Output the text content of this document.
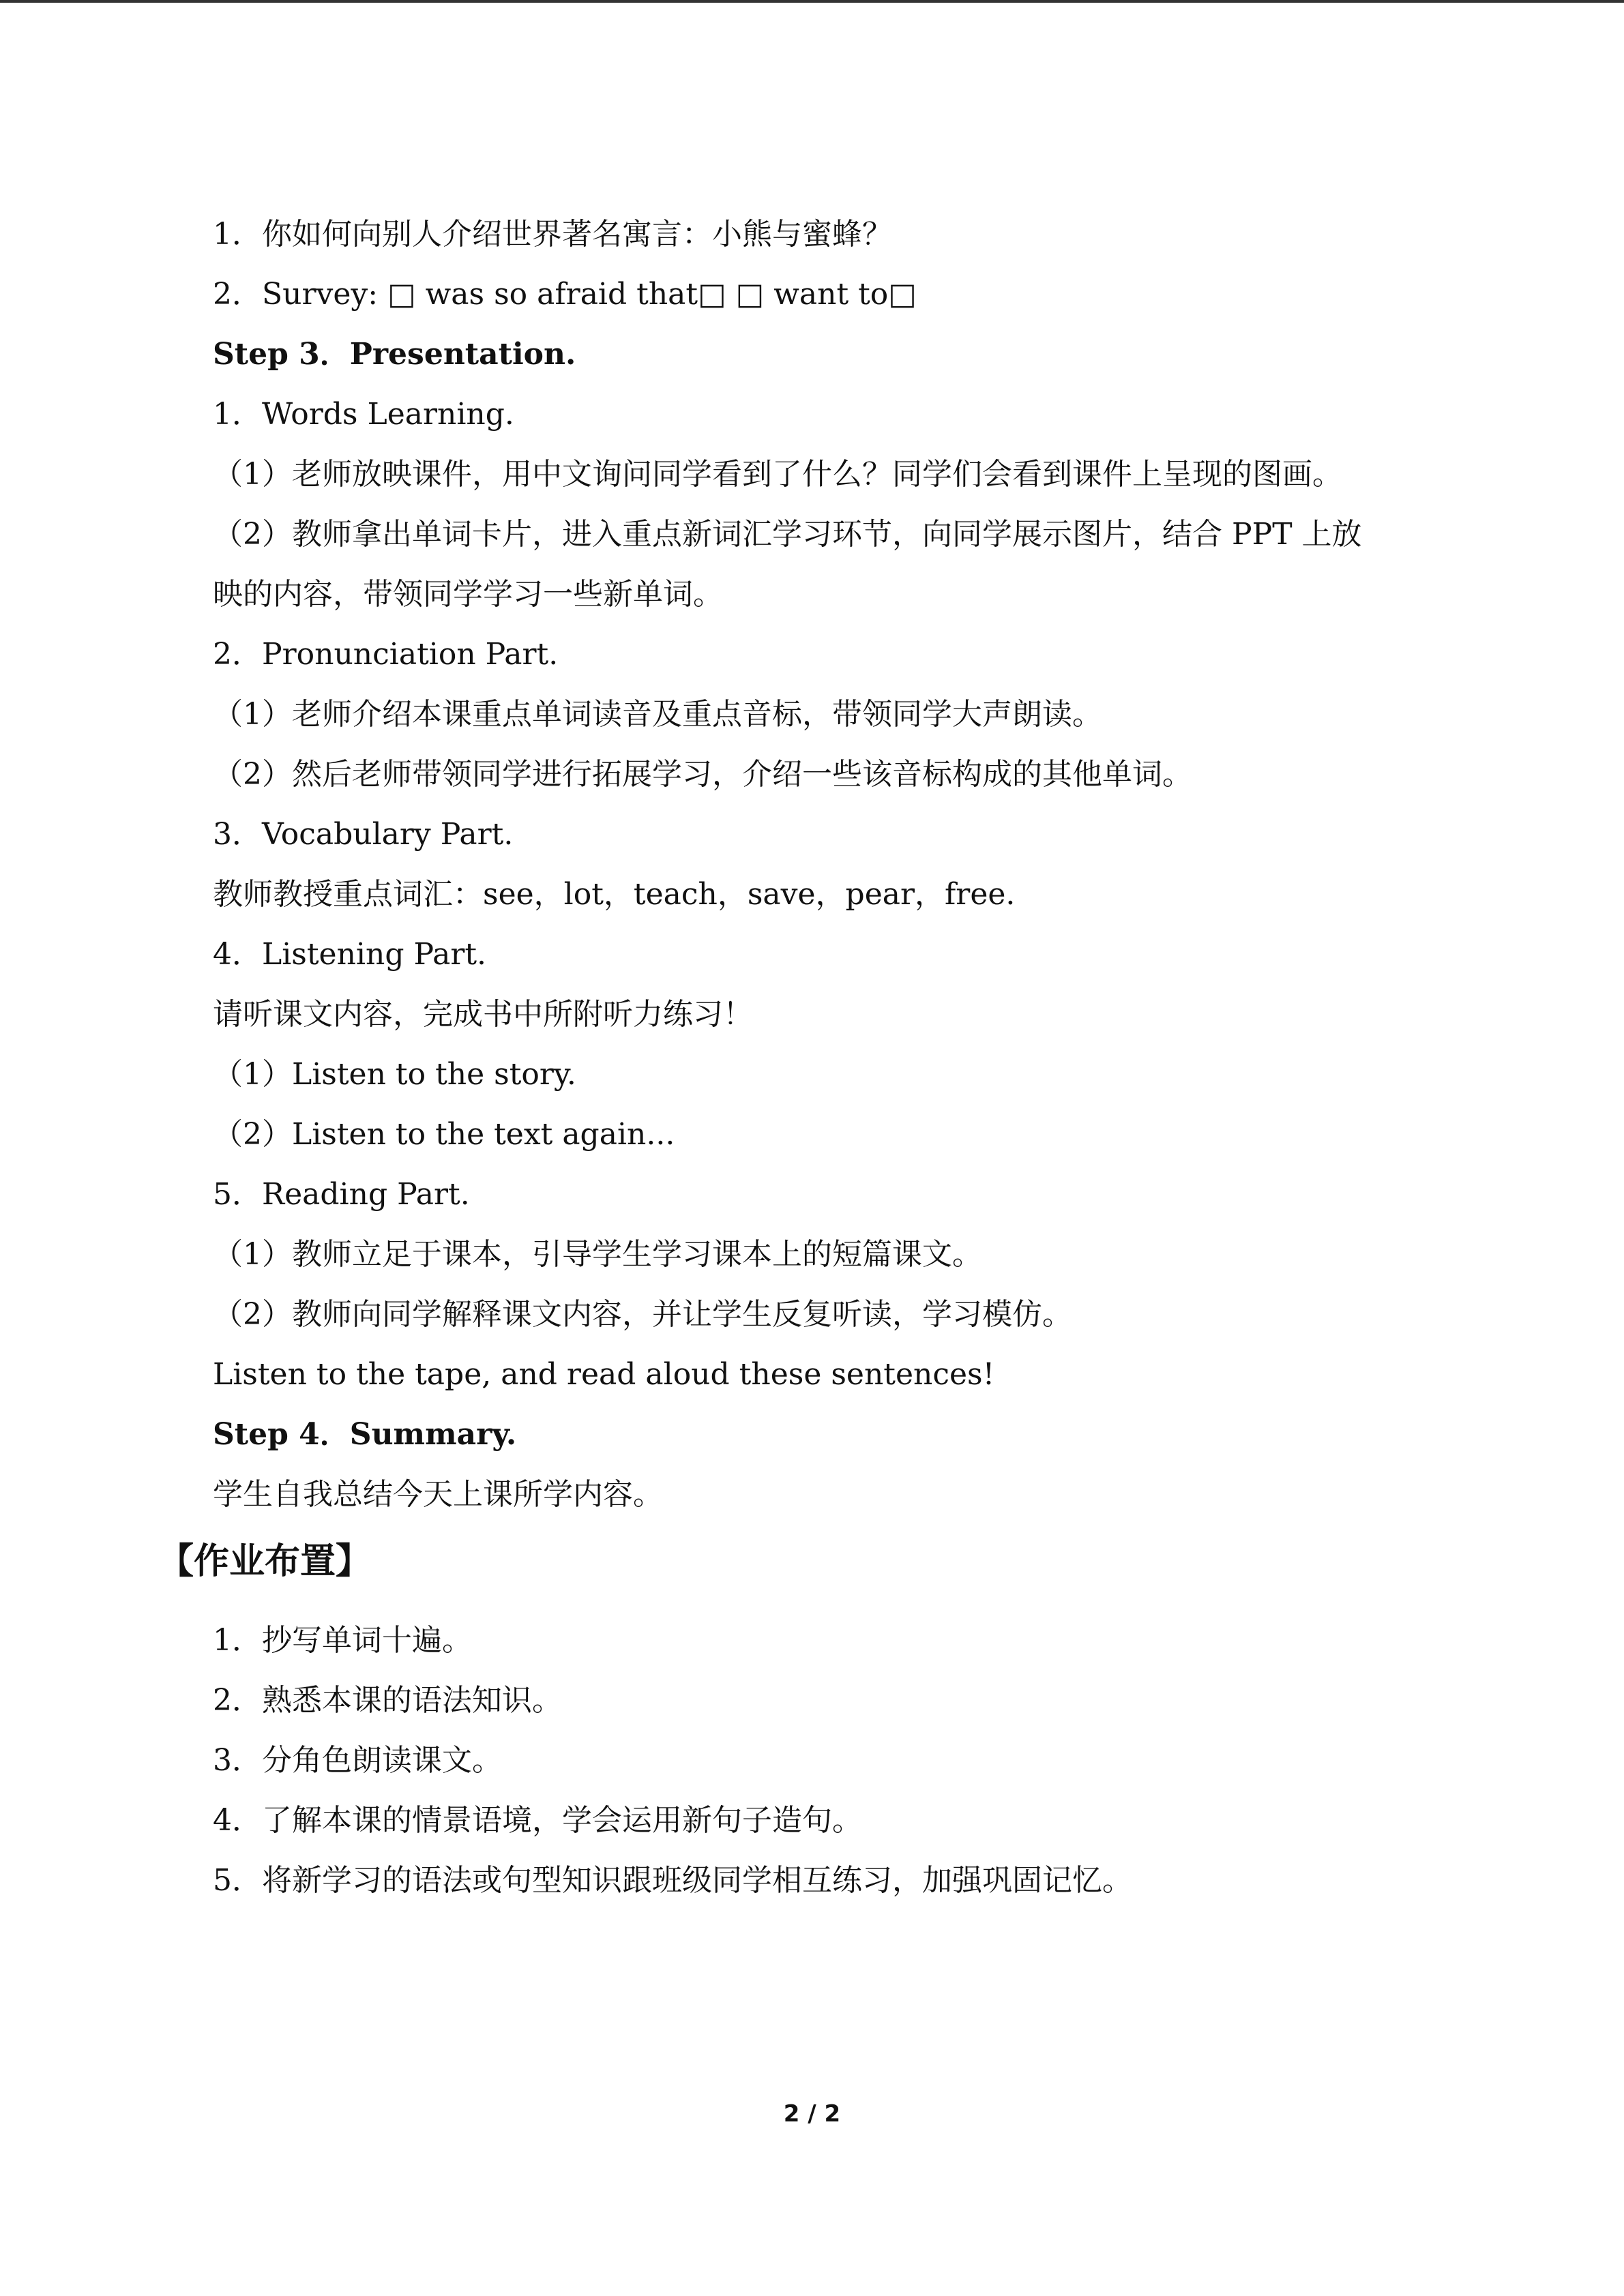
1．你如何向别人介绍世界著名寓言：小熊与蜜蜂？
2．Survey: □ was so afraid that□ □ want to□
Step 3．Presentation.
1．Words Learning.
（1）老师放映课件，用中文询问同学看到了什么？同学们会看到课件上呈现的图画。
（2）教师拿出单词卡片，进入重点新词汇学习环节，向同学展示图片，结合 PPT 上放
映的内容，带领同学学习一些新单词。
2．Pronunciation Part.
（1）老师介绍本课重点单词读音及重点音标，带领同学大声朗读。
（2）然后老师带领同学进行拓展学习，介绍一些该音标构成的其他单词。
3．Vocabulary Part.
教师教授重点词汇：see，lot，teach，save，pear，free.
4．Listening Part.
请听课文内容，完成书中所附听力练习！
（1）Listen to the story.
（2）Listen to the text again...
5．Reading Part.
（1）教师立足于课本，引导学生学习课本上的短篇课文。
（2）教师向同学解释课文内容，并让学生反复听读，学习模仿。
Listen to the tape, and read aloud these sentences!
Step 4．Summary.
学生自我总结今天上课所学内容。
【作业布置】
1．抄写单词十遍。
2．熟悉本课的语法知识。
3．分角色朗读课文。
4．了解本课的情景语境，学会运用新句子造句。
5．将新学习的语法或句型知识跟班级同学相互练习，加强巩固记忆。
2 / 2
